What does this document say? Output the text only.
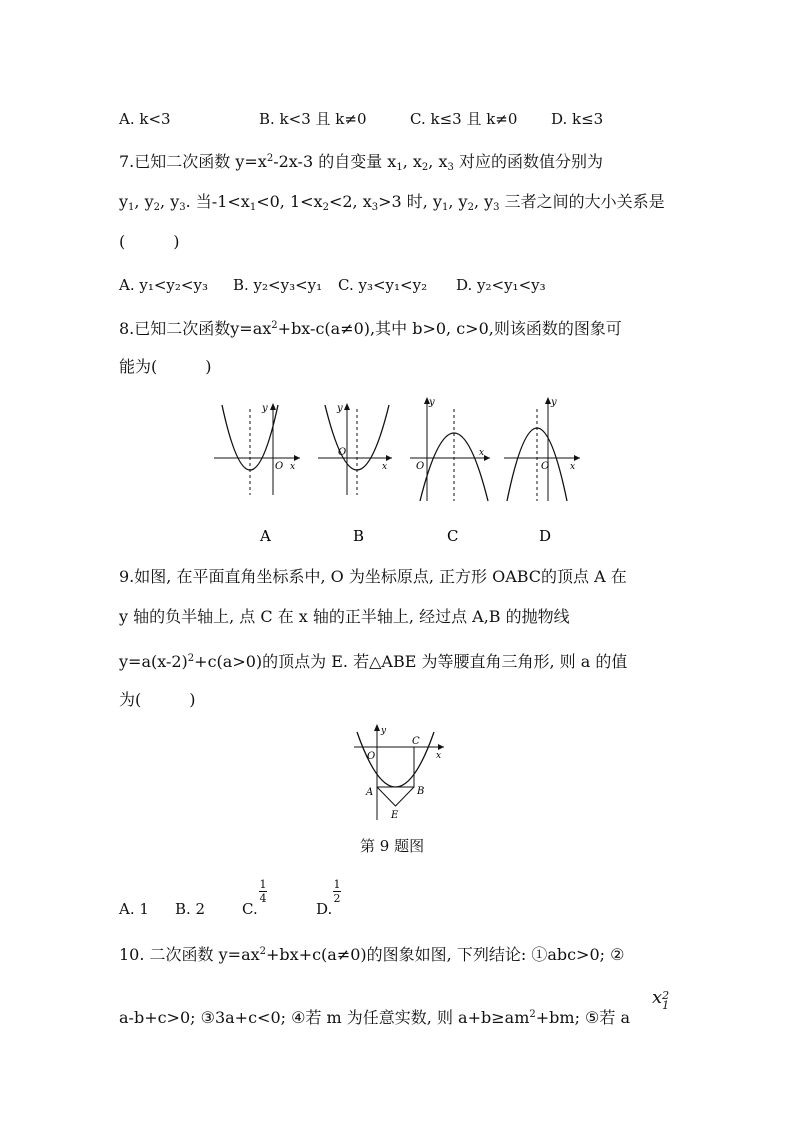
A. k<3	B. k<3 且 k≠0	C. k≤3 且 k≠0 D. k≤3
7.已知二次函数 $y=x^2-2x-3$ 的自变量 $x_1$, $x_2$, $x_3$ 对应的函数值分别为
$y_1$, $y_2$, $y_3$. 当$-1<x_1<0$, $1<x_2<2$, $x_3>3$ 时, $y_1$, $y_2$, $y_3$ 三者之间的大小关系是
(　　　)
A. y₁<y₂<y₃ B. y₂<y₃<y₁ C. y₃<y₁<y₂ D. y₂<y₁<y₃
8.已知二次函数$y=ax^2+bx-c(a\ne 0)$,其中 b>0, c>0,则该函数的图象可
能为(　　　)
y
O x
y
O
x
y
O
x
y
O x
A	B	C	D
9.如图, 在平面直角坐标系中, O 为坐标原点, 正方形 OABC的顶点 A 在
y 轴的负半轴上, 点 C 在 x 轴的正半轴上, 经过点 A,B 的抛物线
$y=a(x-2)^2+c(a>0)$的顶点为 E. 若△ABE 为等腰直角三角形, 则 a 的值
为(　　　)
y
x
O
C
A	B
E
第 9 题图
A. 1 B. 2 C.
1
4
D.
1
2
10. 二次函数 $y=ax^2+bx+c(a\ne 0)$的图象如图, 下列结论: ①abc>0; ②
a-b+c>0; ③3a+c<0; ④若 m 为任意实数, 则 $a+b\ge am^2+bm$; ⑤若 a
x 2
1
